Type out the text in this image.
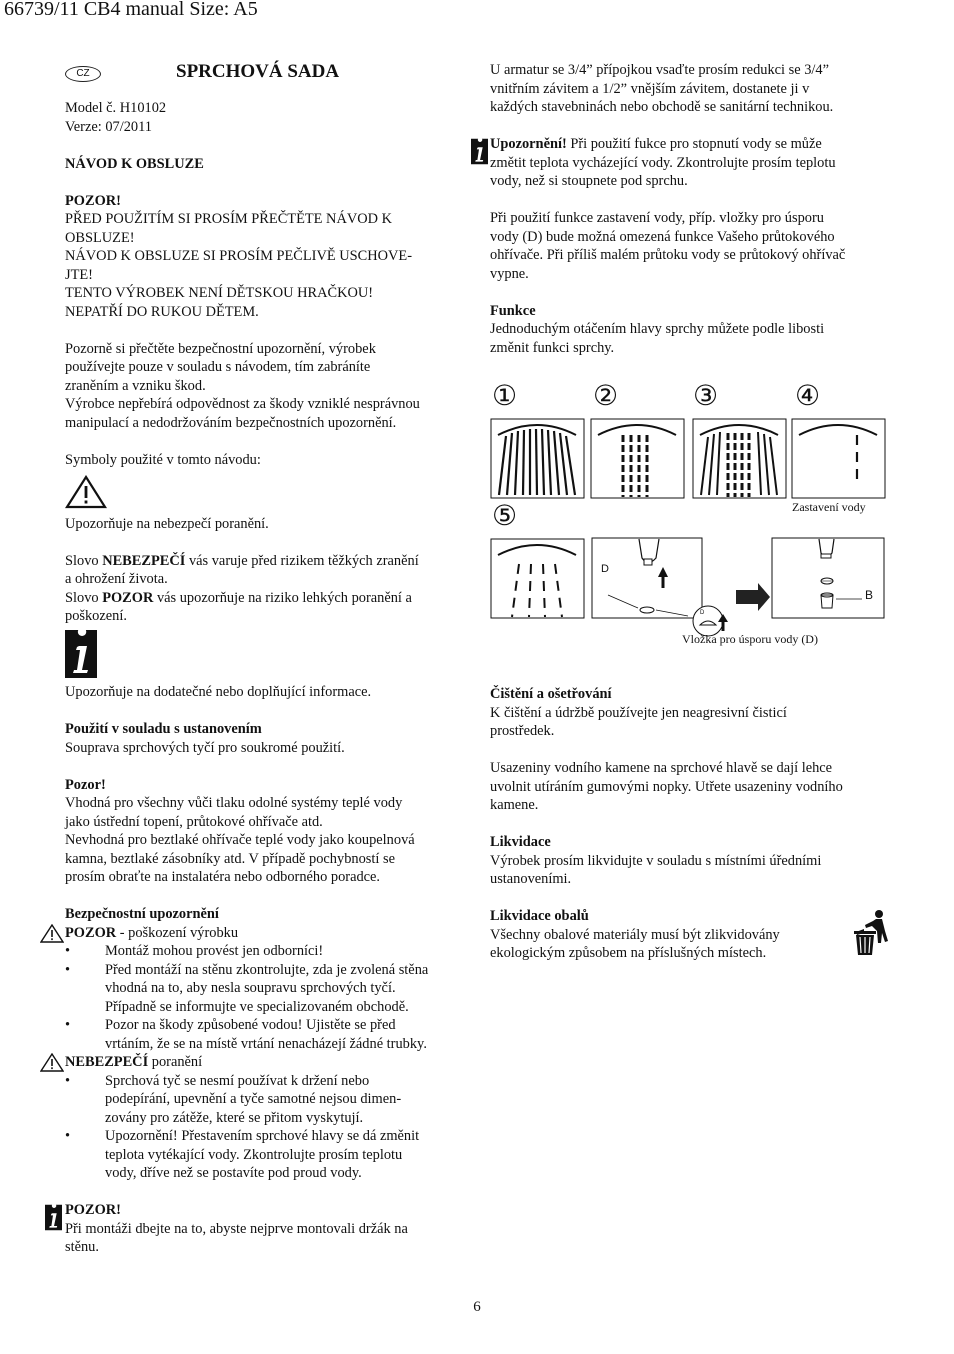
66739/11 CB4 manual Size: A5
CZ	SPRCHOVÁ SADA

Model č. H10102

Verze: 07/2011

NÁVOD K OBSLUZE

POZOR!

PŘED POUŽITÍM SI PROSÍM PŘEČTĚTE NÁVOD K

OBSLUZE!

NÁVOD K OBSLUZE SI PROSÍM PEČLIVĚ USCHOVE-

JTE!

TENTO VÝROBEK NENÍ DĚTSKOU HRAČKOU!

NEPATŘÍ DO RUKOU DĚTEM.

Pozorně si přečtěte bezpečnostní upozornění, výrobek

používejte pouze v souladu s návodem, tím zabráníte

zraněním a vzniku škod.

Výrobce nepřebírá odpovědnost za škody vzniklé nesprávnou

manipulací a nedodržováním bezpečnostních upozornění.

Symboly použité v tomto návodu:

Upozorňuje na nebezpečí poranění.

Slovo NEBEZPEČÍ vás varuje před rizikem těžkých zranění

a ohrožení života.

Slovo POZOR vás upozorňuje na riziko lehkých poranění a

poškození.

Upozorňuje na dodatečné nebo doplňující informace.

Použití v souladu s ustanovením

Souprava sprchových tyčí pro soukromé použití.

Pozor!

Vhodná pro všechny vůči tlaku odolné systémy teplé vody

jako ústřední topení, průtokové ohřívače atd.

Nevhodná pro beztlaké ohřívače teplé vody jako koupelnová

kamna, beztlaké zásobníky atd. V případě pochybností se

prosím obraťte na instalatéra nebo odborného poradce.

Bezpečnostní upozornění

POZOR - poškození výrobku

• Montáž mohou provést jen odborníci!

• Před montáží na stěnu zkontrolujte, zda je zvolená stěna

vhodná na to, aby nesla soupravu sprchových tyčí.

Případně se informujte ve specializovaném obchodě.

• Pozor na škody způsobené vodou! Ujistěte se před

vrtáním, že se na místě vrtání nenacházejí žádné trubky.

NEBEZPEČÍ poranění

• Sprchová tyč se nesmí používat k držení nebo

podepírání, upevnění a tyče samotné nejsou dimen-

zovány pro zátěže, které se přitom vyskytují.

• Upozornění! Přestavením sprchové hlavy se dá změnit

teplota vytékající vody. Zkontrolujte prosím teplotu

vody, dříve než se postavíte pod proud vody.

POZOR!

Při montáži dbejte na to, abyste nejprve montovali držák na

stěnu.

U armatur se 3/4” přípojkou vsaďte prosím redukci se 3/4”

vnitřním závitem a 1/2” vnějším závitem, dostanete ji v

každých stavebninách nebo obchodě se sanitární technikou.

Upozornění! Při použití fukce pro stopnutí vody se může

změtit teplota vycházející vody. Zkontrolujte prosím teplotu

vody, než si stoupnete pod sprchu.

Při použití funkce zastavení vody, příp. vložky pro úsporu

vody (D) bude možná omezená funkce Vašeho průtokového

ohřívače. Při příliš malém průtoku vody se průtokový ohřívač

vypne.

Funkce

Jednoduchým otáčením hlavy sprchy můžete podle libosti

změnit funkci sprchy.

①	②	③	④
⑤	Zastavení vody
D
D
B
Vložka pro úsporu vody (D)

Čištění a ošetřování

K čištění a údržbě používejte jen neagresivní čisticí

prostředek.

Usazeniny vodního kamene na sprchové hlavě se dají lehce

uvolnit utíráním gumovými nopky. Utřete usazeniny vodního

kamene.

Likvidace

Výrobek prosím likvidujte v souladu s místními úředními

ustanoveními.

Likvidace obalů

Všechny obalové materiály musí být zlikvidovány

ekologickým způsobem na příslušných místech.

6
